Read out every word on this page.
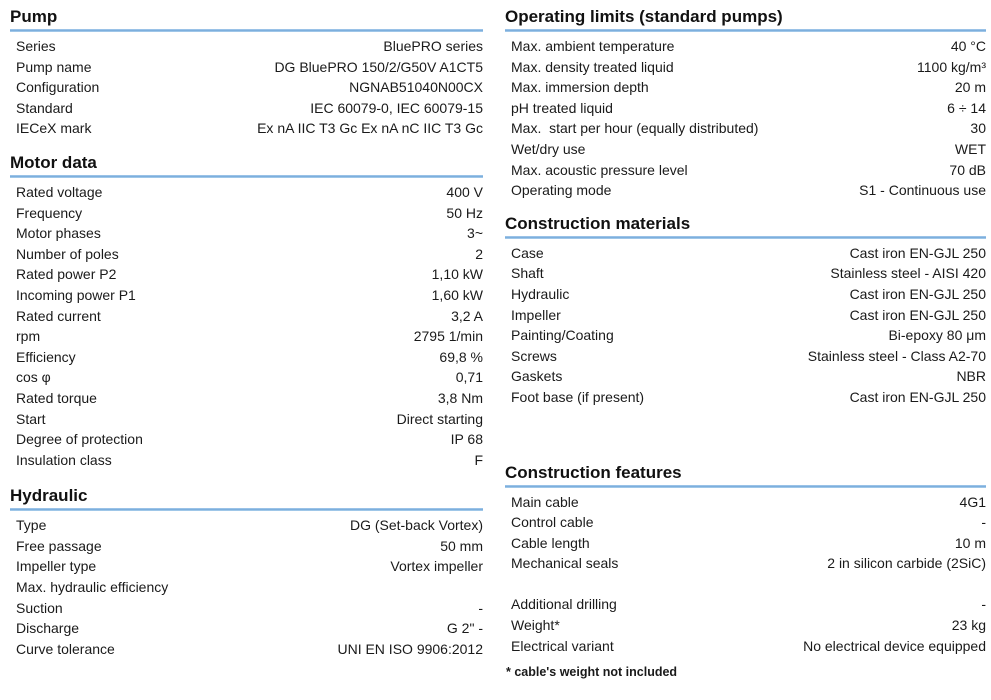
Pump
Series	BluePRO series
Pump name	DG BluePRO 150/2/G50V A1CT5
Configuration	NGNAB51040N00CX
Standard	IEC 60079-0, IEC 60079-15
IECeX mark	Ex nA IIC T3 Gc Ex nA nC IIC T3 Gc
Motor data
Rated voltage	400 V
Frequency	50 Hz
Motor phases	3~
Number of poles	2
Rated power P2	1,10 kW
Incoming power P1	1,60 kW
Rated current	3,2 A
rpm	2795 1/min
Efficiency	69,8 %
cos φ	0,71
Rated torque	3,8 Nm
Start	Direct starting
Degree of protection	IP 68
Insulation class	F
Hydraulic
Type	DG (Set-back Vortex)
Free passage	50 mm
Impeller type	Vortex impeller
Max. hydraulic efficiency
Suction	-
Discharge	G 2" -
Curve tolerance	UNI EN ISO 9906:2012
Operating limits (standard pumps)
Max. ambient temperature	40 °C
Max. density treated liquid	1100 kg/m³
Max. immersion depth	20 m
pH treated liquid	6 ÷ 14
Max.  start per hour (equally distributed)	30
Wet/dry use	WET
Max. acoustic pressure level	70 dB
Operating mode	S1 - Continuous use
Construction materials
Case	Cast iron EN-GJL 250
Shaft	Stainless steel - AISI 420
Hydraulic	Cast iron EN-GJL 250
Impeller	Cast iron EN-GJL 250
Painting/Coating	Bi-epoxy 80 μm
Screws	Stainless steel - Class A2-70
Gaskets	NBR
Foot base (if present)	Cast iron EN-GJL 250
Construction features
Main cable	4G1
Control cable	-
Cable length	10 m
Mechanical seals	2 in silicon carbide (2SiC)
Additional drilling	-
Weight*	23 kg
Electrical variant	No electrical device equipped
* cable's weight not included
